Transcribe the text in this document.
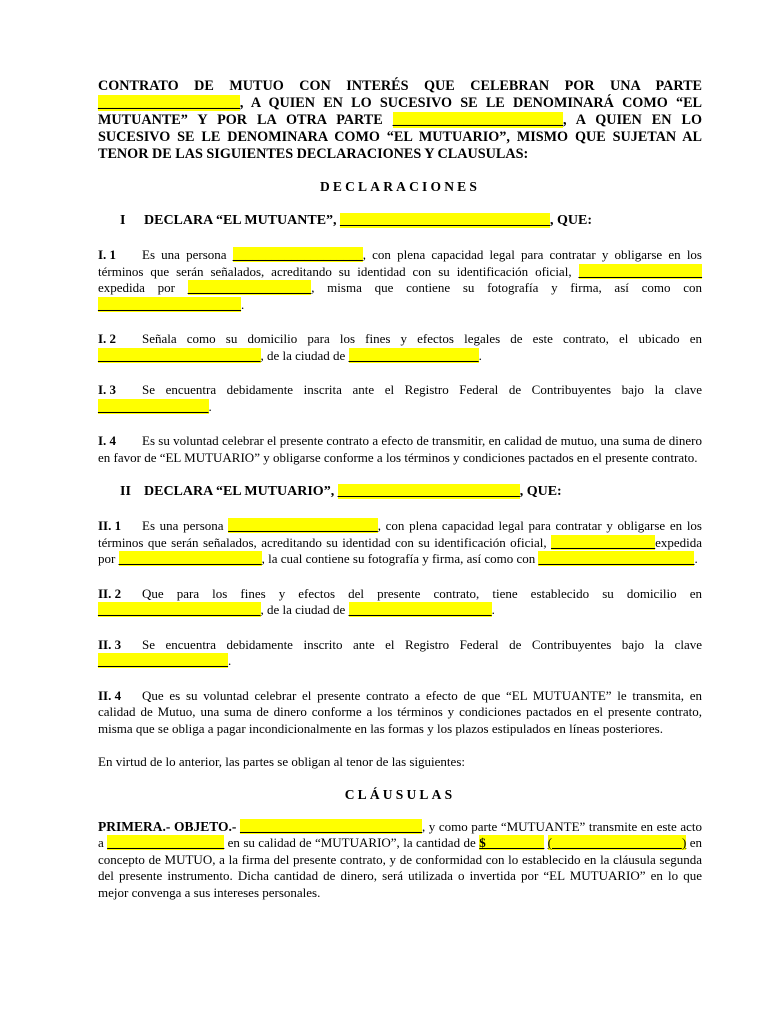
CONTRATO DE MUTUO CON INTERÉS QUE CELEBRAN POR UNA PARTE ____________________, A QUIEN EN LO SUCESIVO SE LE DENOMINARÁ COMO “EL MUTUANTE” Y POR LA OTRA PARTE ________________________, A QUIEN EN LO SUCESIVO SE LE DENOMINARA COMO “EL MUTUARIO”, MISMO QUE SUJETAN AL TENOR DE LAS SIGUIENTES DECLARACIONES Y CLAUSULAS:

DECLARACIONES

I DECLARA “EL MUTUANTE”, ______________________________, QUE:

I. 1 Es una persona ____________________, con plena capacidad legal para contratar y obligarse en los términos que serán señalados, acreditando su identidad con su identificación oficial, ___________________ expedida por ___________________, misma que contiene su fotografía y firma, así como con ______________________.

I. 2 Señala como su domicilio para los fines y efectos legales de este contrato, el ubicado en _________________________, de la ciudad de ____________________.

I. 3 Se encuentra debidamente inscrita ante el Registro Federal de Contribuyentes bajo la clave _________________.

I. 4 Es su voluntad celebrar el presente contrato a efecto de transmitir, en calidad de mutuo, una suma de dinero en favor de “EL MUTUARIO” y obligarse conforme a los términos y condiciones pactados en el presente contrato.

II DECLARA “EL MUTUARIO”, __________________________, QUE:

II. 1 Es una persona _______________________, con plena capacidad legal para contratar y obligarse en los términos que serán señalados, acreditando su identidad con su identificación oficial, ________________expedida por ______________________, la cual contiene su fotografía y firma, así como con ________________________.

II. 2 Que para los fines y efectos del presente contrato, tiene establecido su domicilio en _________________________, de la ciudad de ______________________.

II. 3 Se encuentra debidamente inscrito ante el Registro Federal de Contribuyentes bajo la clave ____________________.

II. 4 Que es su voluntad celebrar el presente contrato a efecto de que “EL MUTUANTE” le transmita, en calidad de Mutuo, una suma de dinero conforme a los términos y condiciones pactados en el presente contrato, misma que se obliga a pagar incondicionalmente en las formas y los plazos estipulados en líneas posteriores.

En virtud de lo anterior, las partes se obligan al tenor de las siguientes:

CLÁUSULAS

PRIMERA.- OBJETO.- ____________________________, y como parte “MUTUANTE” transmite en este acto a __________________ en su calidad de “MUTUARIO”, la cantidad de $_________ (____________________) en concepto de MUTUO, a la firma del presente contrato, y de conformidad con lo establecido en la cláusula segunda del presente instrumento. Dicha cantidad de dinero, será utilizada o invertida por “EL MUTUARIO” en lo que mejor convenga a sus intereses personales.
